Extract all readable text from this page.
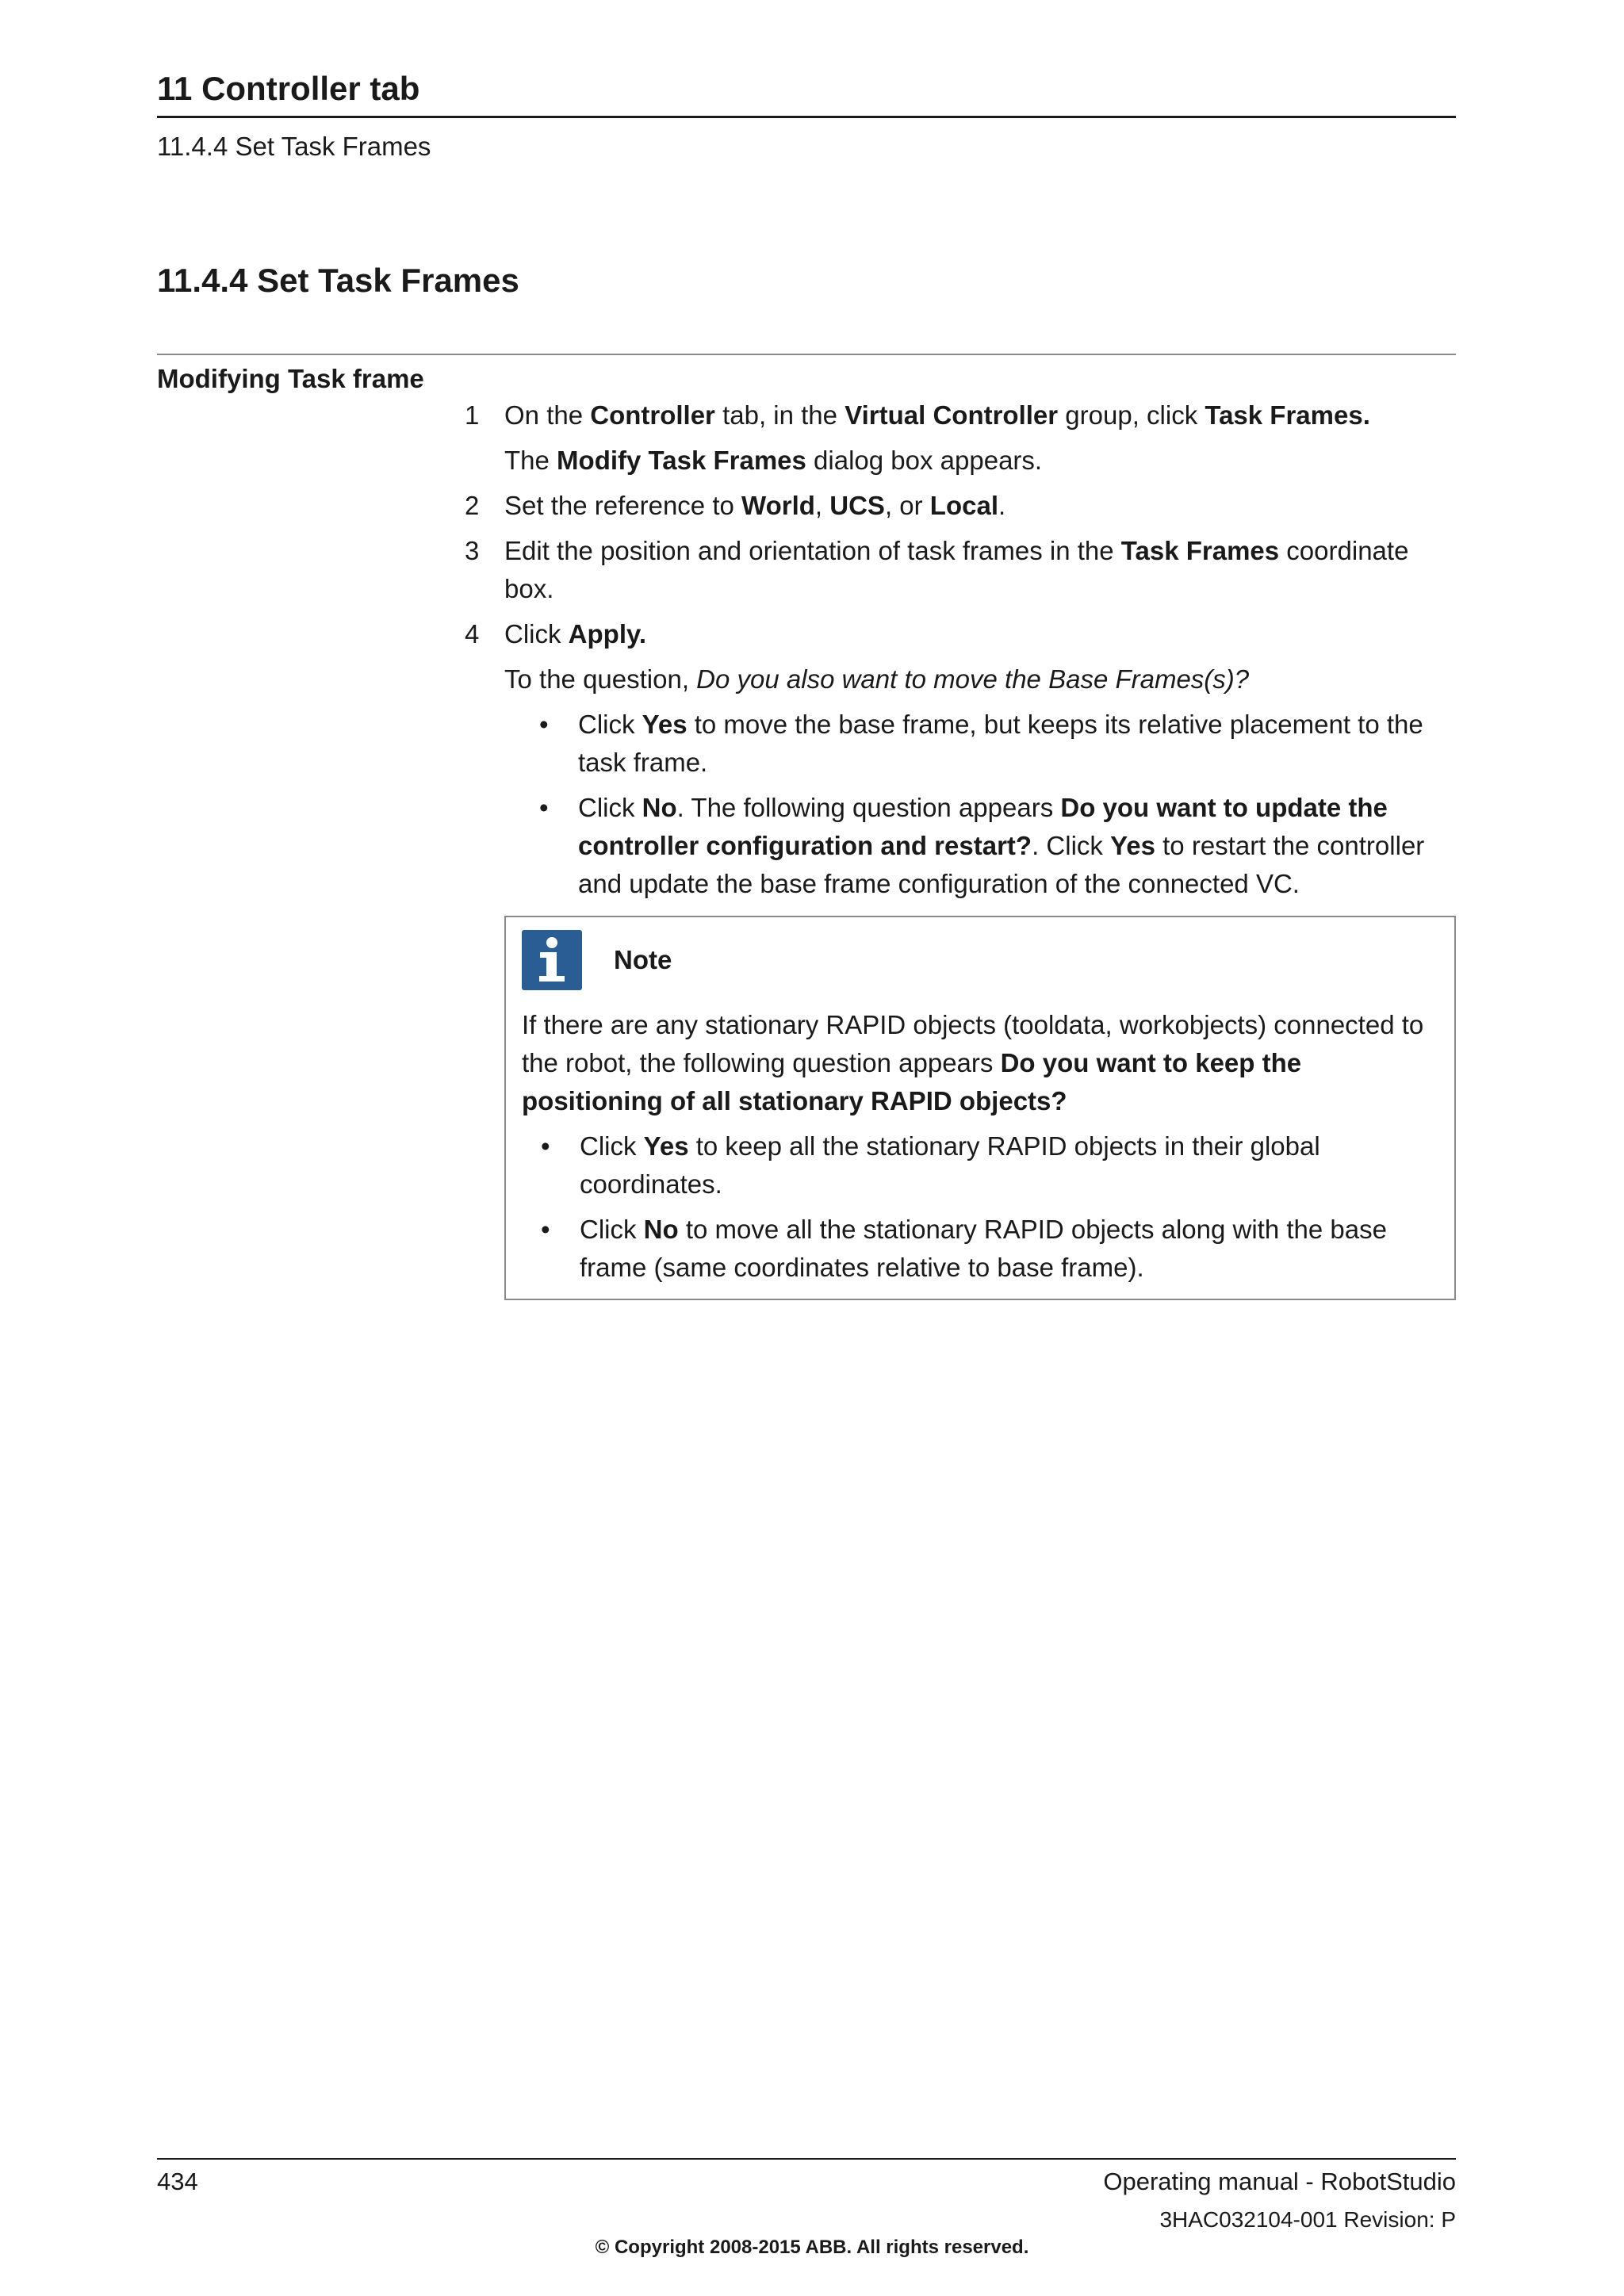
11 Controller tab
11.4.4 Set Task Frames
11.4.4 Set Task Frames
Modifying Task frame
1 On the Controller tab, in the Virtual Controller group, click Task Frames.

The Modify Task Frames dialog box appears.

2 Set the reference to World, UCS, or Local.

3 Edit the position and orientation of task frames in the Task Frames coordinate box.

4 Click Apply.

To the question, Do you also want to move the Base Frames(s)?

• Click Yes to move the base frame, but keeps its relative placement to the task frame.
• Click No. The following question appears Do you want to update the controller configuration and restart?. Click Yes to restart the controller and update the base frame configuration of the connected VC.
Note

If there are any stationary RAPID objects (tooldata, workobjects) connected to the robot, the following question appears Do you want to keep the positioning of all stationary RAPID objects?

• Click Yes to keep all the stationary RAPID objects in their global coordinates.
• Click No to move all the stationary RAPID objects along with the base frame (same coordinates relative to base frame).
434	Operating manual - RobotStudio
3HAC032104-001 Revision: P
© Copyright 2008-2015 ABB. All rights reserved.
